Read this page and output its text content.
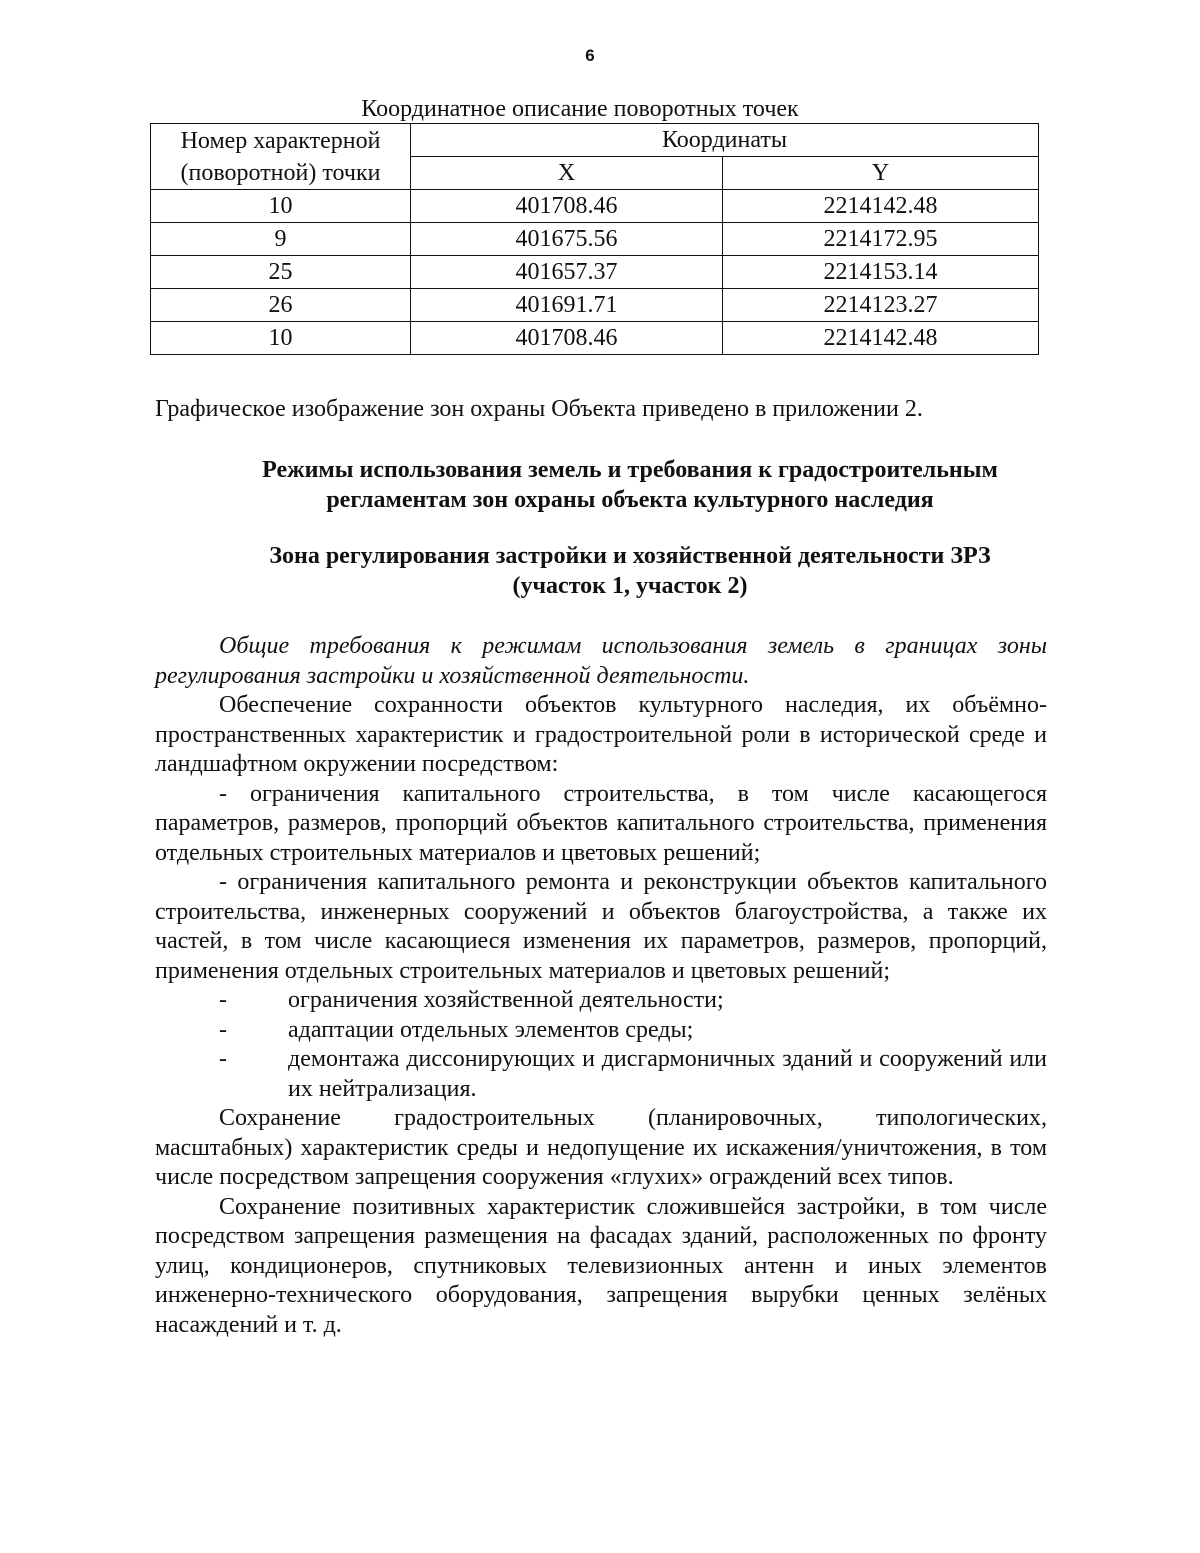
6
Координатное описание поворотных точек
Номер характерной (поворотной) точки	Координаты	
	X	Y
10	401708.46	2214142.48
9	401675.56	2214172.95
25	401657.37	2214153.14
26	401691.71	2214123.27
10	401708.46	2214142.48
Графическое изображение зон охраны Объекта приведено в приложении 2.
Режимы использования земель и требования к градостроительным регламентам зон охраны объекта культурного наследия
Зона регулирования застройки и хозяйственной деятельности ЗРЗ (участок 1, участок 2)

Общие требования к режимам использования земель в границах зоны регулирования застройки и хозяйственной деятельности.

Обеспечение сохранности объектов культурного наследия, их объёмно-пространственных характеристик и градостроительной роли в исторической среде и ландшафтном окружении посредством:

- ограничения капитального строительства, в том числе касающегося параметров, размеров, пропорций объектов капитального строительства, применения отдельных строительных материалов и цветовых решений;

- ограничения капитального ремонта и реконструкции объектов капитального строительства, инженерных сооружений и объектов благоустройства, а также их частей, в том числе касающиеся изменения их параметров, размеров, пропорций, применения отдельных строительных материалов и цветовых решений;

-	ограничения хозяйственной деятельности;
-	адаптации отдельных элементов среды;
-	демонтажа диссонирующих и дисгармоничных зданий и сооружений или их нейтрализация.

Сохранение градостроительных (планировочных, типологических, масштабных) характеристик среды и недопущение их искажения/уничтожения, в том числе посредством запрещения сооружения «глухих» ограждений всех типов.

Сохранение позитивных характеристик сложившейся застройки, в том числе посредством запрещения размещения на фасадах зданий, расположенных по фронту улиц, кондиционеров, спутниковых телевизионных антенн и иных элементов инженерно-технического оборудования, запрещения вырубки ценных зелёных насаждений и т. д.
